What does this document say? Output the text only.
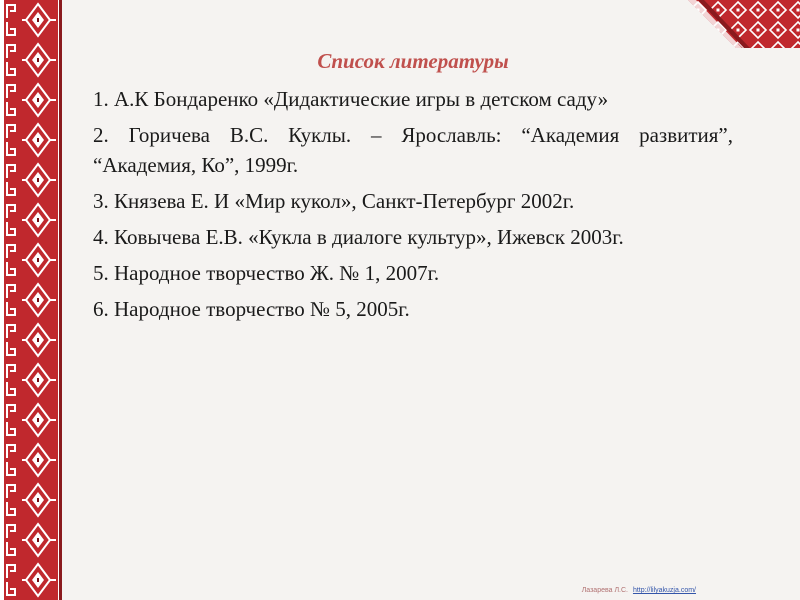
Список литературы
1. А.К Бондаренко «Дидактические игры в детском саду»
2. Горичева В.С. Куклы. – Ярославль: “Академия развития”, “Академия, Ко”, 1999г.
3. Князева Е. И «Мир кукол», Санкт-Петербург 2002г.
4. Ковычева Е.В. «Кукла в диалоге культур», Ижевск 2003г.
5. Народное творчество Ж. № 1, 2007г.
6. Народное творчество № 5, 2005г.
Лазарева Л.С. http://lilyakuzja.com/
